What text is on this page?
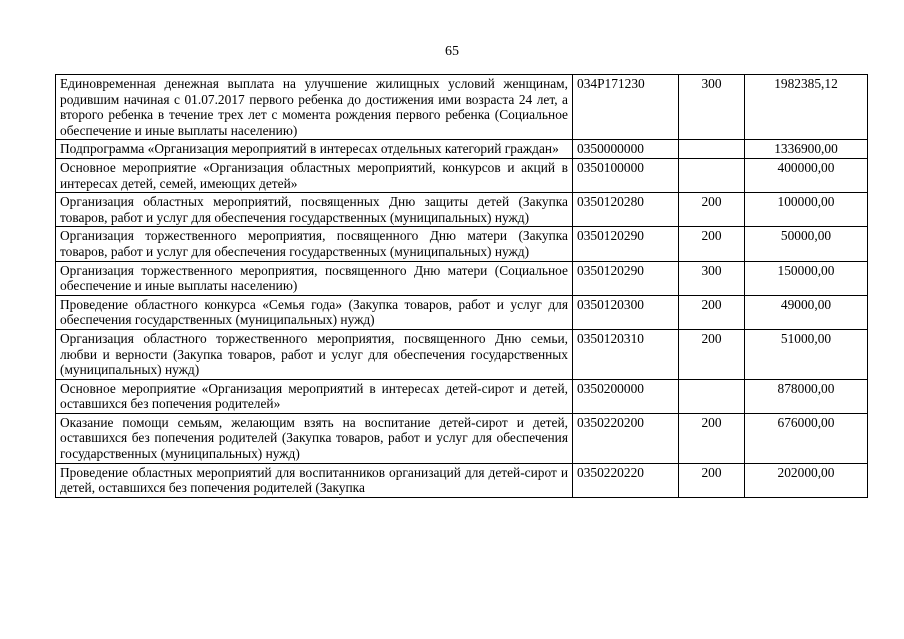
65
Единовременная денежная выплата на улучшение жилищных условий женщинам, родившим начиная с 01.07.2017 первого ребенка до достижения ими возраста 24 лет, а второго ребенка в течение трех лет с момента рождения первого ребенка (Социальное обеспечение и иные выплаты населению)	034P171230	300	1982385,12
Подпрограмма «Организация мероприятий в интересах отдельных категорий граждан»	0350000000		1336900,00
Основное мероприятие «Организация областных мероприятий, конкурсов и акций в интересах детей, семей, имеющих детей»	0350100000		400000,00
Организация областных мероприятий, посвященных Дню защиты детей (Закупка товаров, работ и услуг для обеспечения государственных (муниципальных) нужд)	0350120280	200	100000,00
Организация торжественного мероприятия, посвященного Дню матери (Закупка товаров, работ и услуг для обеспечения государственных (муниципальных) нужд)	0350120290	200	50000,00
Организация торжественного мероприятия, посвященного Дню матери (Социальное обеспечение и иные выплаты населению)	0350120290	300	150000,00
Проведение областного конкурса «Семья года» (Закупка товаров, работ и услуг для обеспечения государственных (муниципальных) нужд)	0350120300	200	49000,00
Организация областного торжественного мероприятия, посвященного Дню семьи, любви и верности (Закупка товаров, работ и услуг для обеспечения государственных (муниципальных) нужд)	0350120310	200	51000,00
Основное мероприятие «Организация мероприятий в интересах детей-сирот и детей, оставшихся без попечения родителей»	0350200000		878000,00
Оказание помощи семьям, желающим взять на воспитание детей-сирот и детей, оставшихся без попечения родителей (Закупка товаров, работ и услуг для обеспечения государственных (муниципальных) нужд)	0350220200	200	676000,00
Проведение областных мероприятий для воспитанников организаций для детей-сирот и детей, оставшихся без попечения родителей (Закупка	0350220220	200	202000,00
